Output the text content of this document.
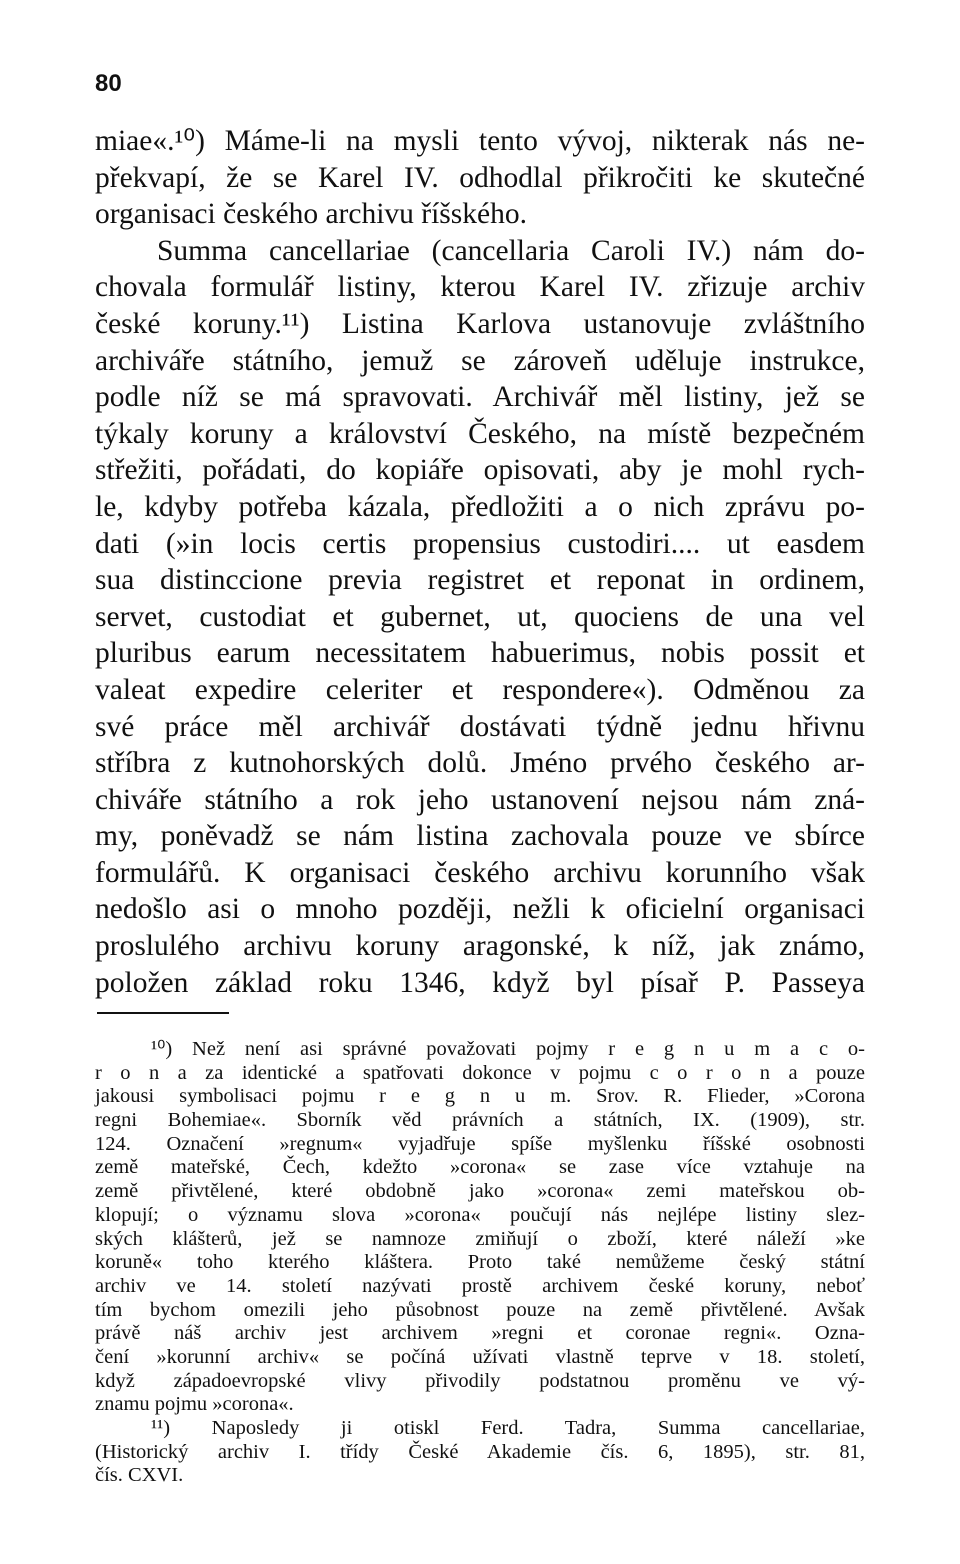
80
miae«.¹⁰) Máme-li na mysli tento vývoj, nikterak nás ne-
překvapí, že se Karel IV. odhodlal přikročiti ke skutečné
organisaci českého archivu říšského.
Summa cancellariae (cancellaria Caroli IV.) nám do-
chovala formulář listiny, kterou Karel IV. zřizuje archiv
české koruny.¹¹) Listina Karlova ustanovuje zvláštního
archiváře státního, jemuž se zároveň uděluje instrukce,
podle níž se má spravovati. Archivář měl listiny, jež se
týkaly koruny a království Českého, na místě bezpečném
střežiti, pořádati, do kopiáře opisovati, aby je mohl rych-
le, kdyby potřeba kázala, předložiti a o nich zprávu po-
dati (»in locis certis propensius custodiri.... ut easdem
sua distinccione previa registret et reponat in ordinem,
servet, custodiat et gubernet, ut, quociens de una vel
pluribus earum necessitatem habuerimus, nobis possit et
valeat expedire celeriter et respondere«). Odměnou za
své práce měl archivář dostávati týdně jednu hřivnu
stříbra z kutnohorských dolů. Jméno prvého českého ar-
chiváře státního a rok jeho ustanovení nejsou nám zná-
my, poněvadž se nám listina zachovala pouze ve sbírce
formulářů. K organisaci českého archivu korunního však
nedošlo asi o mnoho později, nežli k oficielní organisaci
proslulého archivu koruny aragonské, k níž, jak známo,
položen základ roku 1346, když byl písař P. Passeya
¹⁰) Než není asi správné považovati pojmy r e g n u m a c o-
r o n a za identické a spatřovati dokonce v pojmu c o r o n a pouze
jakousi symbolisaci pojmu r e g n u m. Srov. R. Flieder, »Corona
regni Bohemiae«. Sborník věd právních a státních, IX. (1909), str.
124. Označení »regnum« vyjadřuje spíše myšlenku říšské osobnosti
země mateřské, Čech, kdežto »corona« se zase více vztahuje na
země přivtělené, které obdobně jako »corona« zemi mateřskou ob-
klopují; o významu slova »corona« poučují nás nejlépe listiny slez-
ských klášterů, jež se namnoze zmiňují o zboží, které náleží »ke
koruně« toho kterého kláštera. Proto také nemůžeme český státní
archiv ve 14. století nazývati prostě archivem české koruny, neboť
tím bychom omezili jeho působnost pouze na země přivtělené. Avšak
právě náš archiv jest archivem »regni et coronae regni«. Ozna-
čení »korunní archiv« se počíná užívati vlastně teprve v 18. století,
když západoevropské vlivy přivodily podstatnou proměnu ve vý-
znamu pojmu »corona«.
¹¹) Naposledy ji otiskl Ferd. Tadra, Summa cancellariae,
(Historický archiv I. třídy České Akademie čís. 6, 1895), str. 81,
čís. CXVI.
